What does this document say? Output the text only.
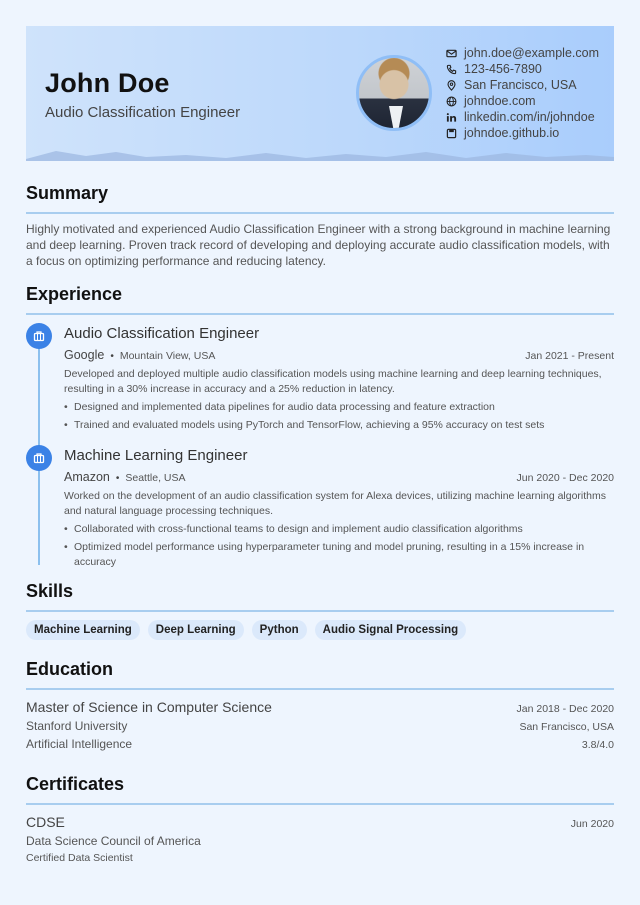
John Doe
Audio Classification Engineer
john.doe@example.com
123-456-7890
San Francisco, USA
johndoe.com
linkedin.com/in/johndoe
johndoe.github.io
Summary

Highly motivated and experienced Audio Classification Engineer with a strong background in machine learning and deep learning. Proven track record of developing and deploying accurate audio classification models, with a focus on optimizing performance and reducing latency.

Experience
Audio Classification Engineer
Google • Mountain View, USA	Jan 2021 - Present
Developed and deployed multiple audio classification models using machine learning and deep learning techniques, resulting in a 30% increase in accuracy and a 25% reduction in latency.
• Designed and implemented data pipelines for audio data processing and feature extraction
• Trained and evaluated models using PyTorch and TensorFlow, achieving a 95% accuracy on test sets
Machine Learning Engineer
Amazon • Seattle, USA	Jun 2020 - Dec 2020
Worked on the development of an audio classification system for Alexa devices, utilizing machine learning algorithms and natural language processing techniques.
• Collaborated with cross-functional teams to design and implement audio classification algorithms
• Optimized model performance using hyperparameter tuning and model pruning, resulting in a 15% increase in accuracy
Skills
Machine Learning	Deep Learning	Python	Audio Signal Processing
Education
Master of Science in Computer Science	Jan 2018 - Dec 2020
Stanford University	San Francisco, USA
Artificial Intelligence	3.8/4.0
Certificates
CDSE	Jun 2020
Data Science Council of America
Certified Data Scientist
